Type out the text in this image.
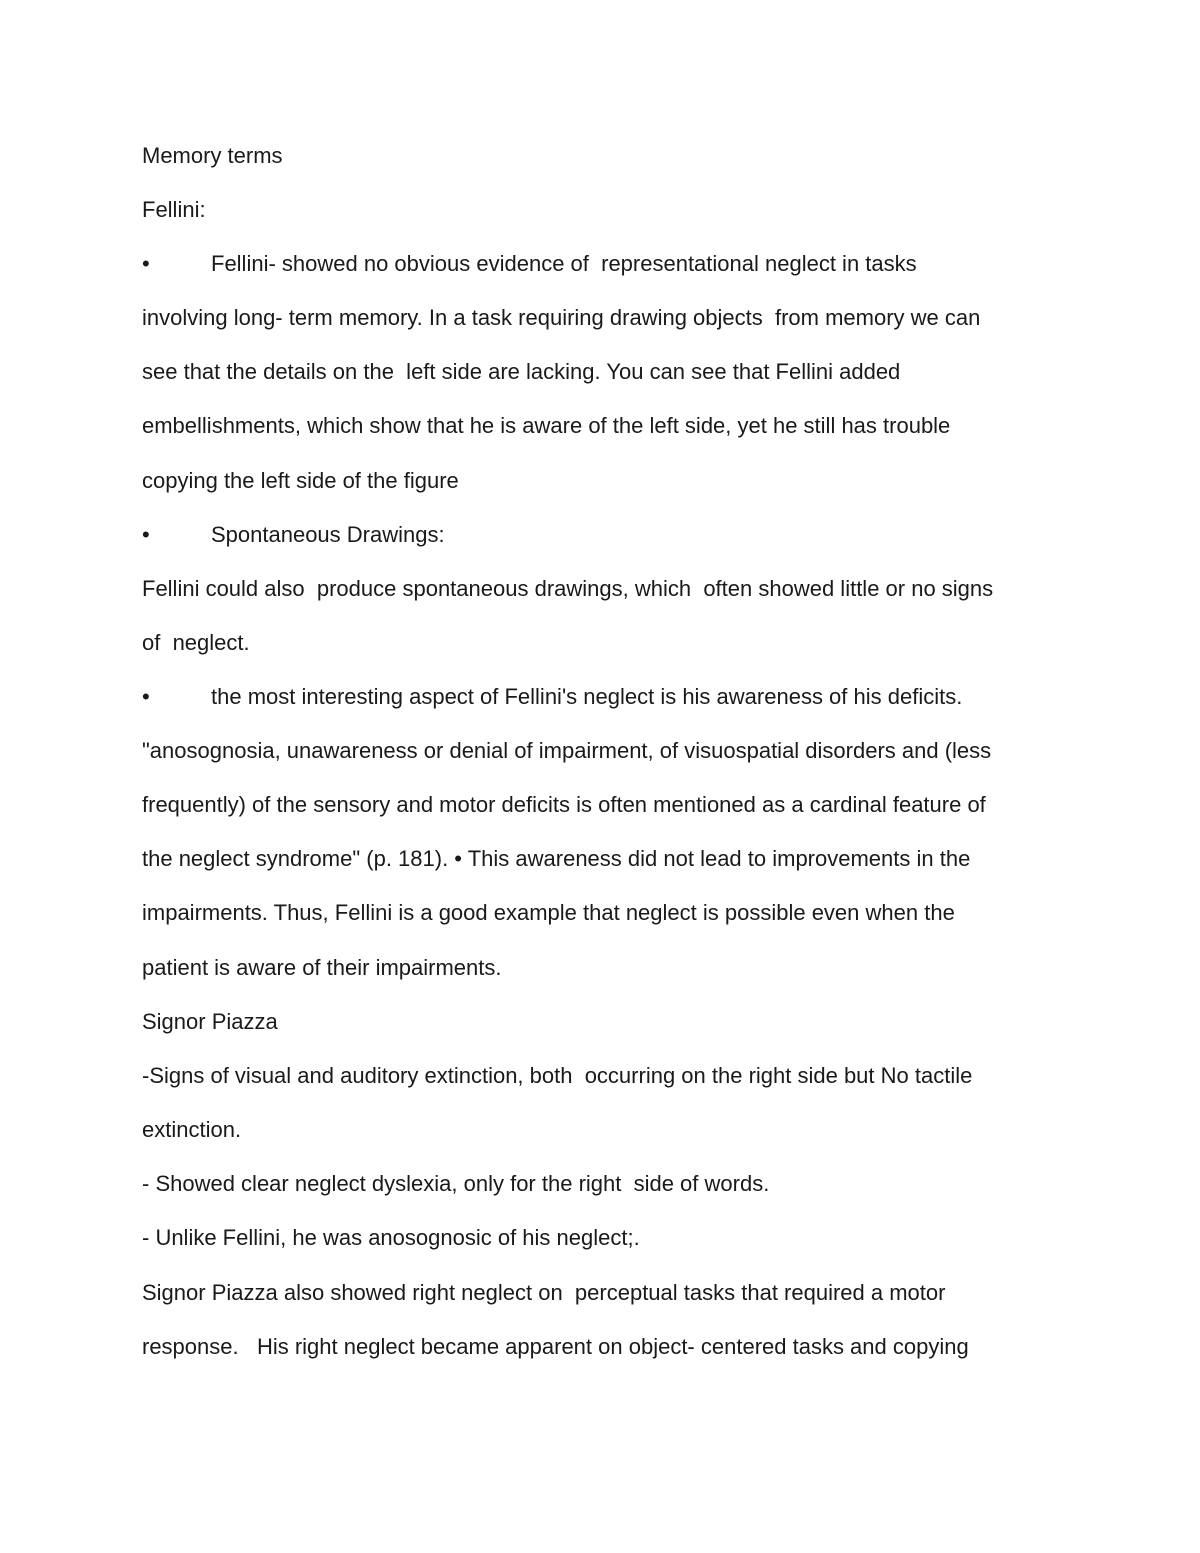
Memory terms
Fellini:
•	Fellini- showed no obvious evidence of  representational neglect in tasks
involving long- term memory. In a task requiring drawing objects  from memory we can
see that the details on the  left side are lacking. You can see that Fellini added
embellishments, which show that he is aware of the left side, yet he still has trouble
copying the left side of the figure
•	Spontaneous Drawings:
Fellini could also  produce spontaneous drawings, which  often showed little or no signs
of  neglect.
•	the most interesting aspect of Fellini's neglect is his awareness of his deficits.
"anosognosia, unawareness or denial of impairment, of visuospatial disorders and (less
frequently) of the sensory and motor deficits is often mentioned as a cardinal feature of
the neglect syndrome" (p. 181). • This awareness did not lead to improvements in the
impairments. Thus, Fellini is a good example that neglect is possible even when the
patient is aware of their impairments.
Signor Piazza
-Signs of visual and auditory extinction, both  occurring on the right side but No tactile
extinction.
- Showed clear neglect dyslexia, only for the right  side of words.
- Unlike Fellini, he was anosognosic of his neglect;.
Signor Piazza also showed right neglect on  perceptual tasks that required a motor
response.   His right neglect became apparent on object- centered tasks and copying
